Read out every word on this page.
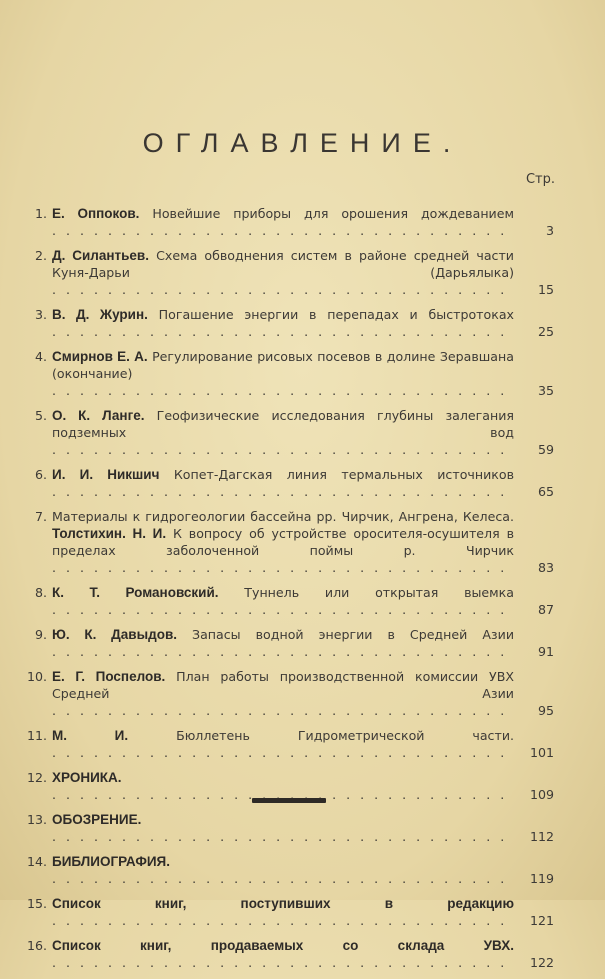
ОГЛАВЛЕНИЕ.
Стр.
1. Е. Оппоков. Новейшие приборы для орошения дождеванием . . .
3
2. Д. Силантьев. Схема обводнения систем в районе средней части Куня-Дарьи (Дарьялыка) . . .
15
3. В. Д. Журин. Погашение энергии в перепадах и быстротоках . . .
25
4. Смирнов Е. А. Регулирование рисовых посевов в долине Зеравшана (окончание) . . .
35
5. О. К. Ланге. Геофизические исследования глубины залегания подземных вод . . .
59
6. И. И. Никшич Копет-Дагская линия термальных источников . . .
65
7. Материалы к гидрогеологии бассейна рр. Чирчик, Ангрена, Келеса. Толстихин. Н. И. К вопросу об устройстве оросителя-осушителя в пределах заболоченной поймы р. Чирчик . . .
83
8. К. Т. Романовский. Туннель или открытая выемка . . .
87
9. Ю. К. Давыдов. Запасы водной энергии в Средней Азии . . .
91
10. Е. Г. Поспелов. План работы производственной комиссии УВХ Средней Азии . . .
95
11. М. И. Бюллетень Гидрометрической части. . . .
101
12. ХРОНИКА. . . .
109
13. ОБОЗРЕНИЕ. . . .
112
14. БИБЛИОГРАФИЯ. . . .
119
15. Список книг, поступивших в редакцию . . .
121
16. Список книг, продаваемых со склада УВХ. . . .
122
